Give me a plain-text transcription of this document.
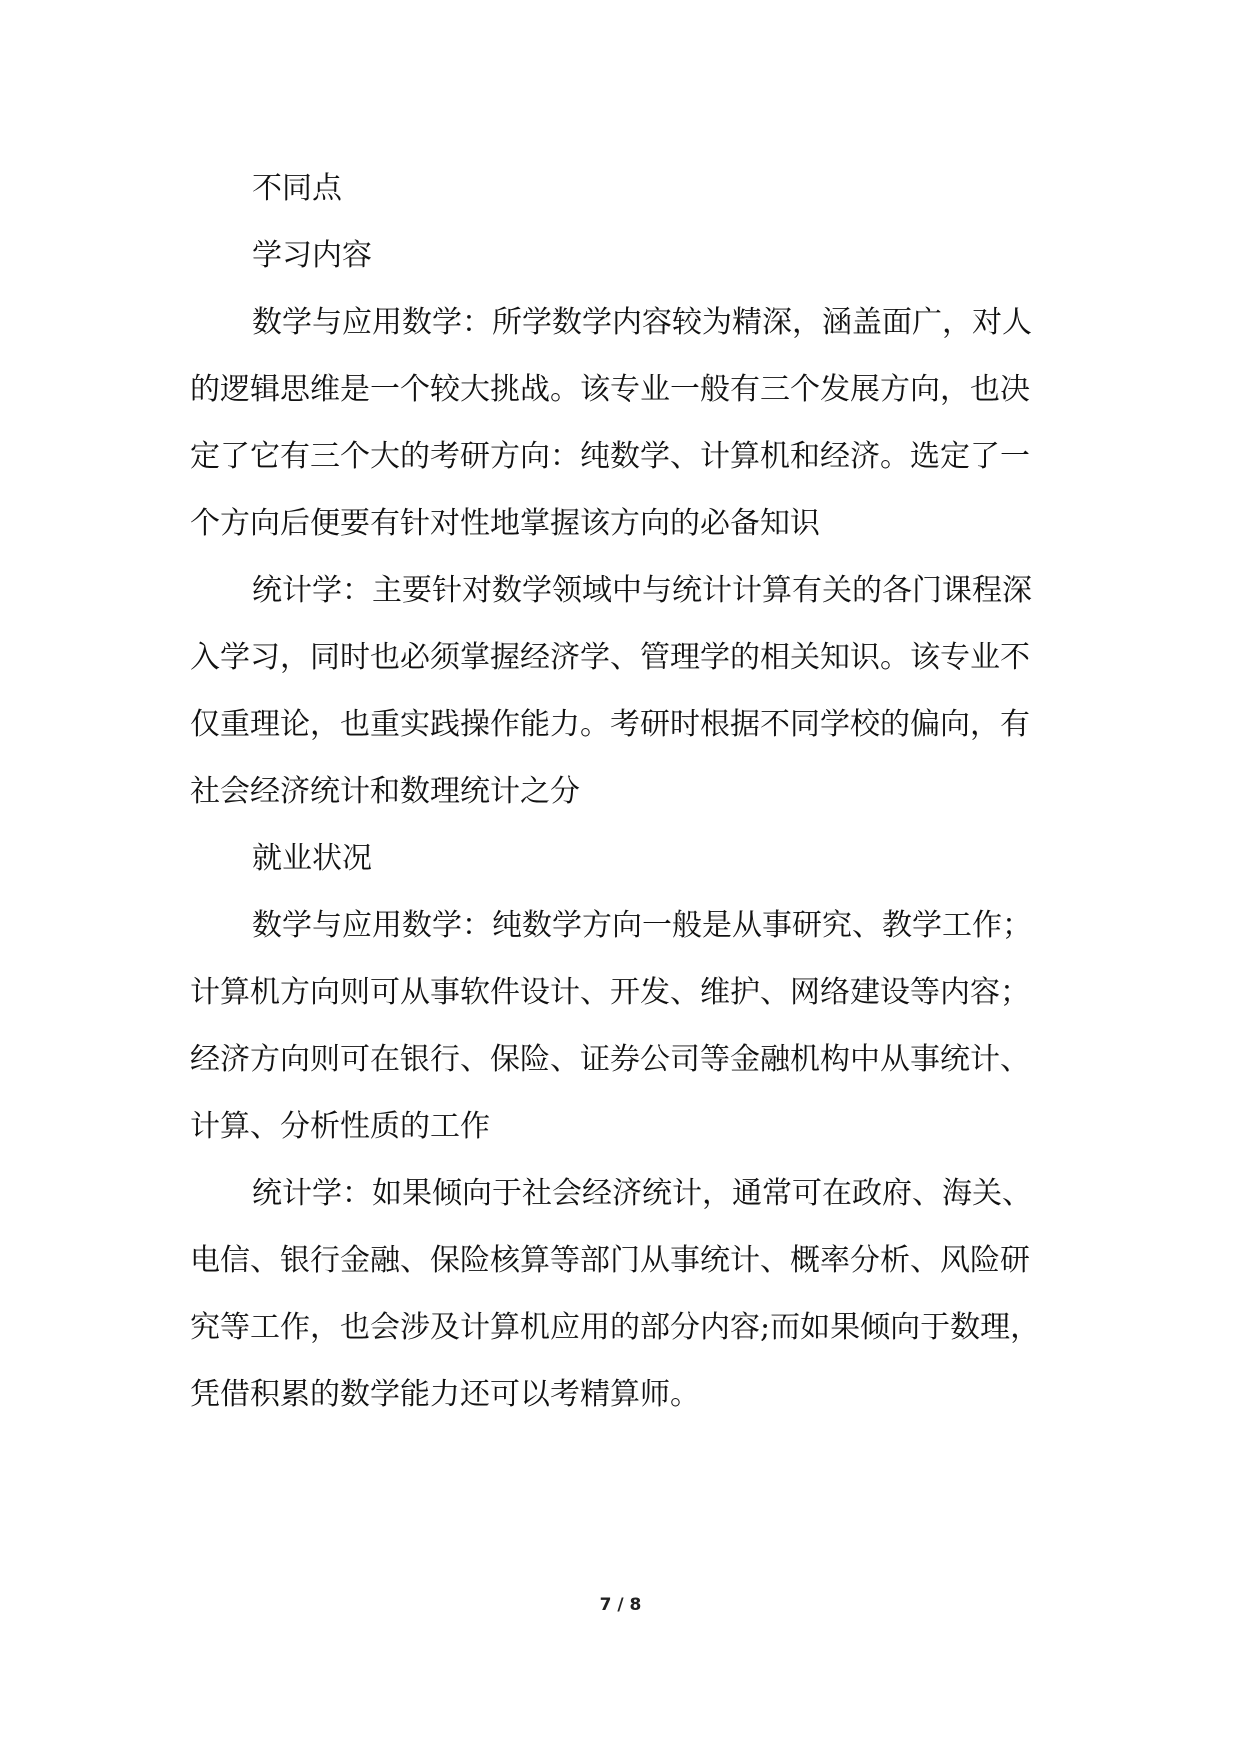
不同点
学习内容
数学与应用数学：所学数学内容较为精深，涵盖面广，对人
的逻辑思维是一个较大挑战。该专业一般有三个发展方向，也决
定了它有三个大的考研方向：纯数学、计算机和经济。选定了一
个方向后便要有针对性地掌握该方向的必备知识
统计学：主要针对数学领域中与统计计算有关的各门课程深
入学习，同时也必须掌握经济学、管理学的相关知识。该专业不
仅重理论，也重实践操作能力。考研时根据不同学校的偏向，有
社会经济统计和数理统计之分
就业状况
数学与应用数学：纯数学方向一般是从事研究、教学工作；
计算机方向则可从事软件设计、开发、维护、网络建设等内容；
经济方向则可在银行、保险、证券公司等金融机构中从事统计、
计算、分析性质的工作
统计学：如果倾向于社会经济统计，通常可在政府、海关、
电信、银行金融、保险核算等部门从事统计、概率分析、风险研
究等工作，也会涉及计算机应用的部分内容;而如果倾向于数理，
凭借积累的数学能力还可以考精算师。
7 / 8
